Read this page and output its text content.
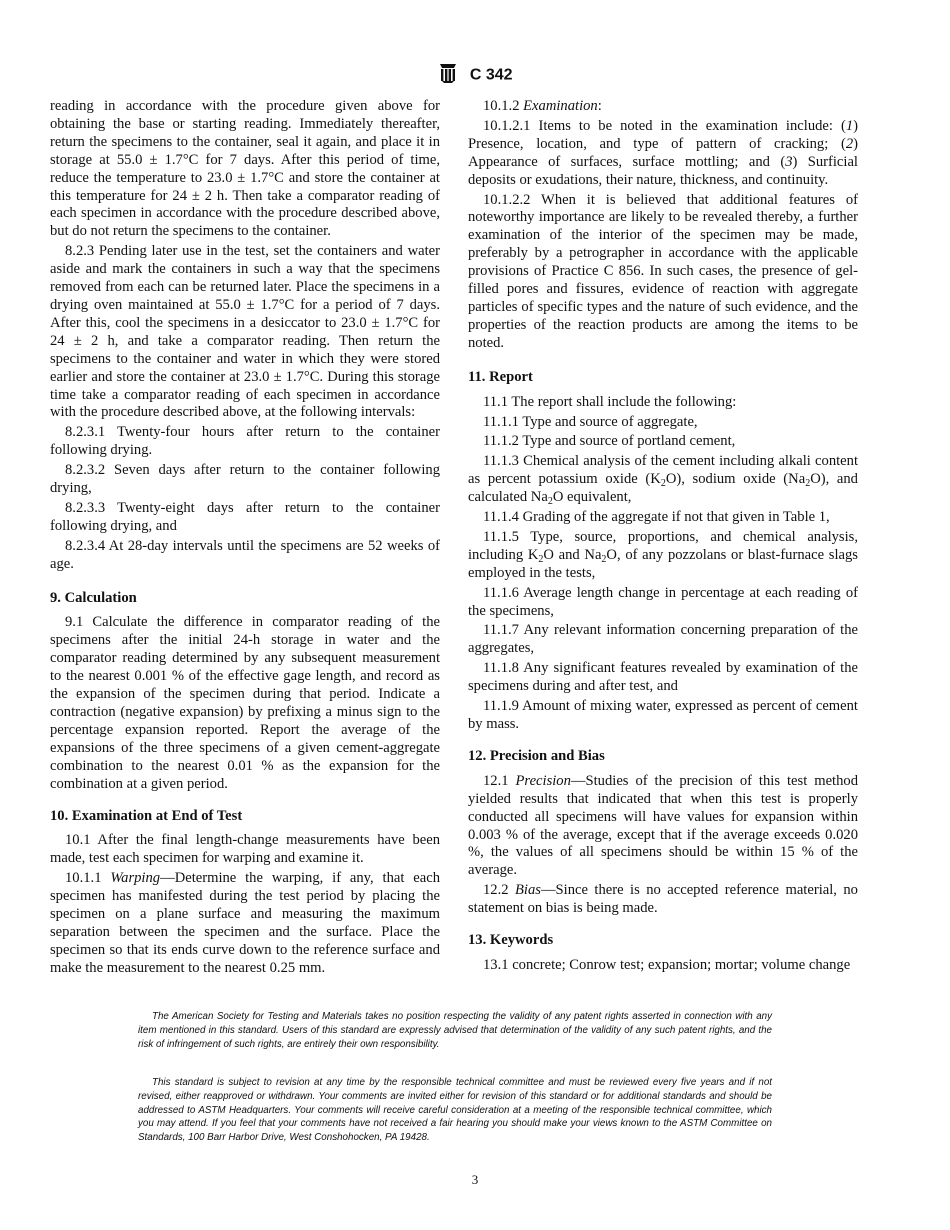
C 342

reading in accordance with the procedure given above for obtaining the base or starting reading. Immediately thereafter, return the specimens to the container, seal it again, and place it in storage at 55.0 ± 1.7°C for 7 days. After this period of time, reduce the temperature to 23.0 ± 1.7°C and store the container at this temperature for 24 ± 2 h. Then take a comparator reading of each specimen in accordance with the procedure described above, but do not return the specimens to the container.

8.2.3 Pending later use in the test, set the containers and water aside and mark the containers in such a way that the specimens removed from each can be returned later. Place the specimens in a drying oven maintained at 55.0 ± 1.7°C for a period of 7 days. After this, cool the specimens in a desiccator to 23.0 ± 1.7°C for 24 ± 2 h, and take a comparator reading. Then return the specimens to the container and water in which they were stored earlier and store the container at 23.0 ± 1.7°C. During this storage time take a comparator reading of each specimen in accordance with the procedure described above, at the following intervals:

8.2.3.1 Twenty-four hours after return to the container following drying.

8.2.3.2 Seven days after return to the container following drying,

8.2.3.3 Twenty-eight days after return to the container following drying, and

8.2.3.4 At 28-day intervals until the specimens are 52 weeks of age.

9. Calculation

9.1 Calculate the difference in comparator reading of the specimens after the initial 24-h storage in water and the comparator reading determined by any subsequent measurement to the nearest 0.001 % of the effective gage length, and record as the expansion of the specimen during that period. Indicate a contraction (negative expansion) by prefixing a minus sign to the percentage expansion reported. Report the average of the expansions of the three specimens of a given cement-aggregate combination to the nearest 0.01 % as the expansion for the combination at a given period.

10. Examination at End of Test

10.1 After the final length-change measurements have been made, test each specimen for warping and examine it.

10.1.1 Warping—Determine the warping, if any, that each specimen has manifested during the test period by placing the specimen on a plane surface and measuring the maximum separation between the specimen and the surface. Place the specimen so that its ends curve down to the reference surface and make the measurement to the nearest 0.25 mm.

10.1.2 Examination:

10.1.2.1 Items to be noted in the examination include: (1) Presence, location, and type of pattern of cracking; (2) Appearance of surfaces, surface mottling; and (3) Surficial deposits or exudations, their nature, thickness, and continuity.

10.1.2.2 When it is believed that additional features of noteworthy importance are likely to be revealed thereby, a further examination of the interior of the specimen may be made, preferably by a petrographer in accordance with the applicable provisions of Practice C 856. In such cases, the presence of gel-filled pores and fissures, evidence of reaction with aggregate particles of specific types and the nature of such evidence, and the properties of the reaction products are among the items to be noted.

11. Report

11.1 The report shall include the following:

11.1.1 Type and source of aggregate,

11.1.2 Type and source of portland cement,

11.1.3 Chemical analysis of the cement including alkali content as percent potassium oxide $(K_2O)$, sodium oxide $(Na_2O)$, and calculated $Na_2O$ equivalent,

11.1.4 Grading of the aggregate if not that given in Table 1,

11.1.5 Type, source, proportions, and chemical analysis, including $K_2O$ and $Na_2O$, of any pozzolans or blast-furnace slags employed in the tests,

11.1.6 Average length change in percentage at each reading of the specimens,

11.1.7 Any relevant information concerning preparation of the aggregates,

11.1.8 Any significant features revealed by examination of the specimens during and after test, and

11.1.9 Amount of mixing water, expressed as percent of cement by mass.

12. Precision and Bias

12.1 Precision—Studies of the precision of this test method yielded results that indicated that when this test is properly conducted all specimens will have values for expansion within 0.003 % of the average, except that if the average exceeds 0.020 %, the values of all specimens should be within 15 % of the average.

12.2 Bias—Since there is no accepted reference material, no statement on bias is being made.

13. Keywords

13.1 concrete; Conrow test; expansion; mortar; volume change

The American Society for Testing and Materials takes no position respecting the validity of any patent rights asserted in connection with any item mentioned in this standard. Users of this standard are expressly advised that determination of the validity of any such patent rights, and the risk of infringement of such rights, are entirely their own responsibility.
This standard is subject to revision at any time by the responsible technical committee and must be reviewed every five years and if not revised, either reapproved or withdrawn. Your comments are invited either for revision of this standard or for additional standards and should be addressed to ASTM Headquarters. Your comments will receive careful consideration at a meeting of the responsible technical committee, which you may attend. If you feel that your comments have not received a fair hearing you should make your views known to the ASTM Committee on Standards, 100 Barr Harbor Drive, West Conshohocken, PA 19428.
3
